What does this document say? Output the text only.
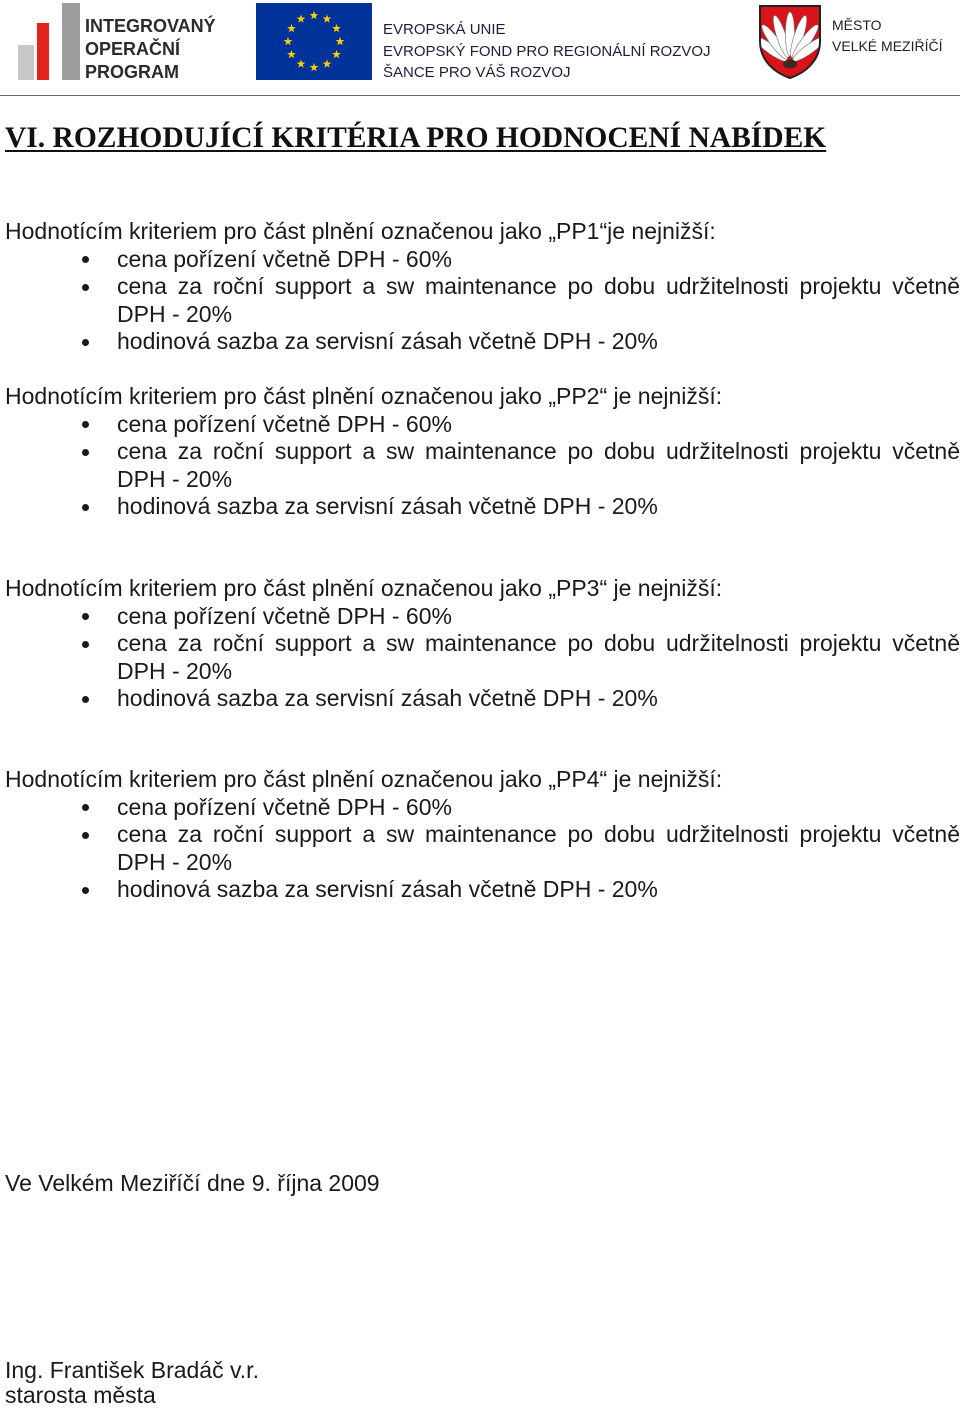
INTEGROVANÝ
OPERAČNÍ
PROGRAM
EVROPSKÁ UNIE
EVROPSKÝ FOND PRO REGIONÁLNÍ ROZVOJ
ŠANCE PRO VÁŠ ROZVOJ
MĚSTO
VELKÉ MEZIŘÍČÍ
VI. ROZHODUJÍCÍ KRITÉRIA PRO HODNOCENÍ NABÍDEK
Hodnotícím kriteriem pro část plnění označenou jako „PP1“je nejnižší:
cena pořízení včetně DPH - 60%
cena za roční support a sw maintenance po dobu udržitelnosti projektu včetně DPH - 20%
hodinová sazba za servisní zásah včetně DPH - 20%
Hodnotícím kriteriem pro část plnění označenou jako „PP2“ je nejnižší:
cena pořízení včetně DPH - 60%
cena za roční support a sw maintenance po dobu udržitelnosti projektu včetně DPH - 20%
hodinová sazba za servisní zásah včetně DPH - 20%
Hodnotícím kriteriem pro část plnění označenou jako „PP3“ je nejnižší:
cena pořízení včetně DPH - 60%
cena za roční support a sw maintenance po dobu udržitelnosti projektu včetně DPH - 20%
hodinová sazba za servisní zásah včetně DPH - 20%
Hodnotícím kriteriem pro část plnění označenou jako „PP4“ je nejnižší:
cena pořízení včetně DPH - 60%
cena za roční support a sw maintenance po dobu udržitelnosti projektu včetně DPH - 20%
hodinová sazba za servisní zásah včetně DPH - 20%
Ve Velkém Meziříčí dne 9. října 2009
Ing. František Bradáč v.r.
starosta města
